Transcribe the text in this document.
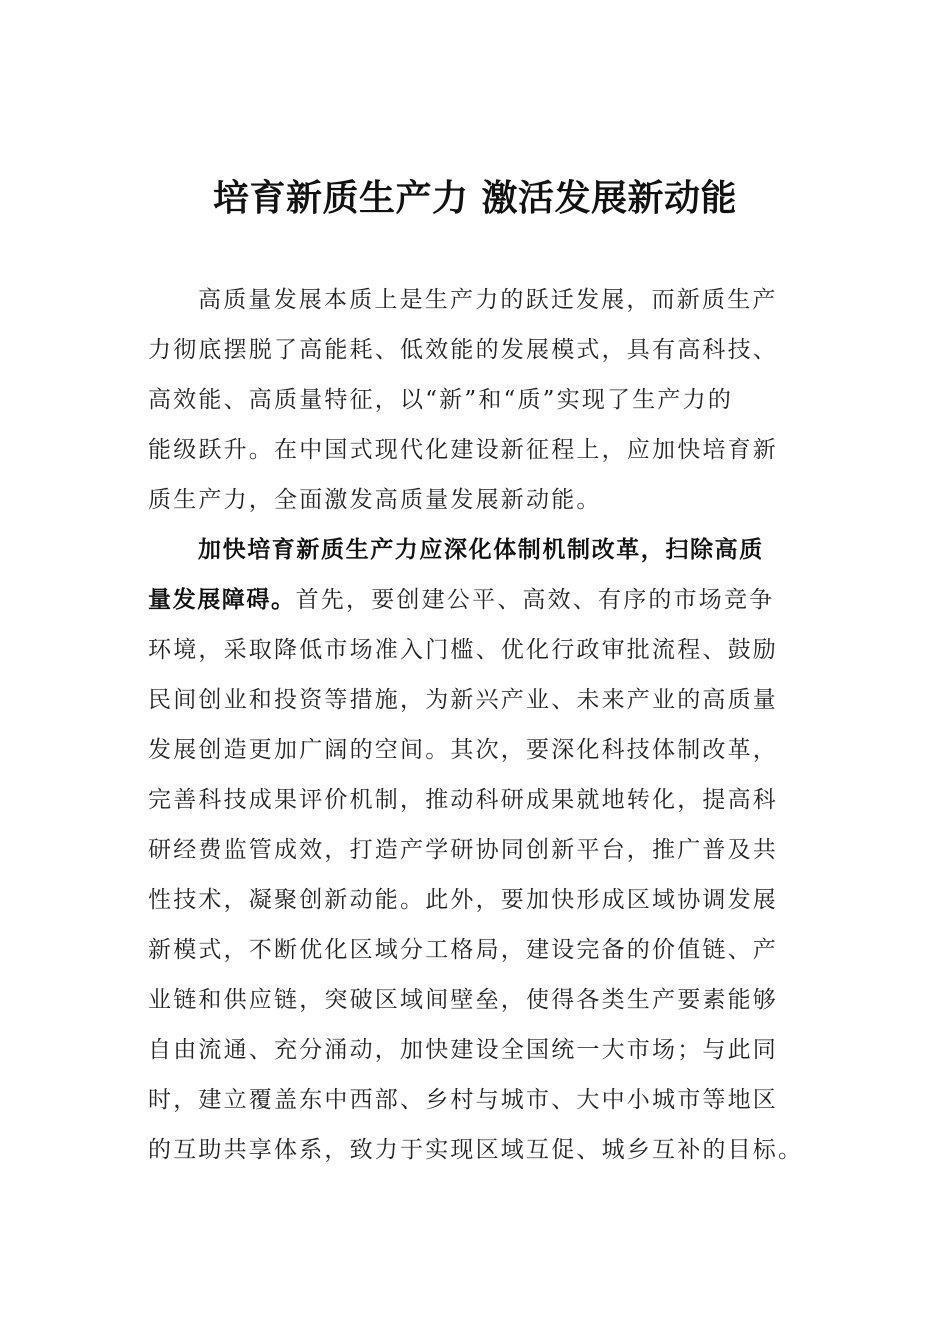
培育新质生产力 激活发展新动能
高质量发展本质上是生产力的跃迁发展，而新质生产
力彻底摆脱了高能耗、低效能的发展模式，具有高科技、
高效能、高质量特征，以“新”和“质”实现了生产力的
能级跃升。在中国式现代化建设新征程上，应加快培育新
质生产力，全面激发高质量发展新动能。
加快培育新质生产力应深化体制机制改革，扫除高质
量发展障碍。首先，要创建公平、高效、有序的市场竞争
环境，采取降低市场准入门槛、优化行政审批流程、鼓励
民间创业和投资等措施，为新兴产业、未来产业的高质量
发展创造更加广阔的空间。其次，要深化科技体制改革，
完善科技成果评价机制，推动科研成果就地转化，提高科
研经费监管成效，打造产学研协同创新平台，推广普及共
性技术，凝聚创新动能。此外，要加快形成区域协调发展
新模式，不断优化区域分工格局，建设完备的价值链、产
业链和供应链，突破区域间壁垒，使得各类生产要素能够
自由流通、充分涌动，加快建设全国统一大市场；与此同
时，建立覆盖东中西部、乡村与城市、大中小城市等地区
的互助共享体系，致力于实现区域互促、城乡互补的目标。
